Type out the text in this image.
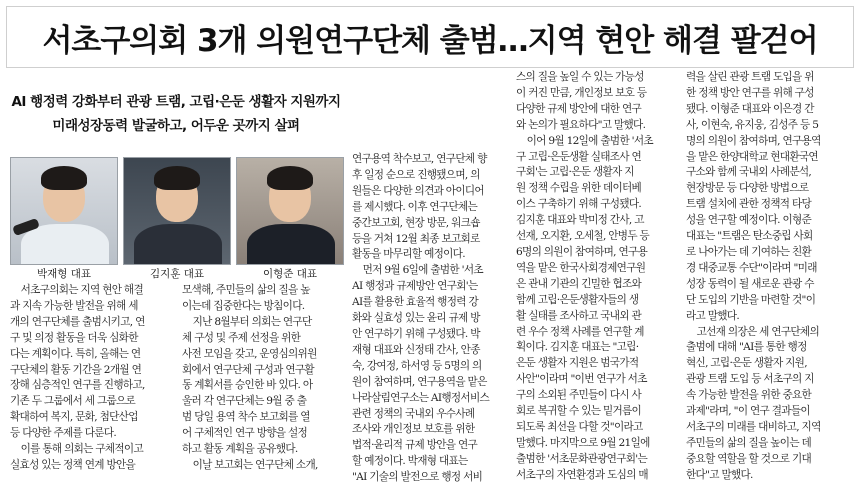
서초구의회 3개 의원연구단체 출범…지역 현안 해결 팔걷어
AI 행정력 강화부터 관광 트램, 고립·은둔 생활자 지원까지
미래성장동력 발굴하고, 어두운 곳까지 살펴
박재형 대표	김지훈 대표	이형준 대표
서초구의회는 지역 현안 해결
과 지속 가능한 발전을 위해 세
개의 연구단체를 출범시키고, 연
구 및 의정 활동을 더욱 심화한
다는 계획이다. 특히, 올해는 연
구단체의 활동 기간을 2개월 연
장해 심층적인 연구를 진행하고,
기존 두 그룹에서 세 그룹으로
확대하여 복지, 문화, 첨단산업
등 다양한 주제를 다룬다.
이를 통해 의회는 구체적이고
실효성 있는 정책 연계 방안을
모색해, 주민들의 삶의 질을 높
이는데 집중한다는 방침이다.
지난 8월부터 의회는 연구단
체 구성 및 주제 선정을 위한
사전 모임을 갖고, 운영심의위원
회에서 연구단체 구성과 연구활
동 계획서를 승인한 바 있다. 아
울러 각 연구단체는 9월 중 출
범 당일 용역 착수 보고회를 열
어 구체적인 연구 방향을 설정
하고 활동 계획을 공유했다.
이날 보고회는 연구단체 소개,
연구용역 착수보고, 연구단체 향
후 일정 순으로 진행됐으며, 의
원들은 다양한 의견과 아이디어
를 제시했다. 이후 연구단체는
중간보고회, 현장 방문, 워크숍
등을 거쳐 12월 최종 보고회로
활동을 마무리할 예정이다.
먼저 9월 6일에 출범한 '서초
AI 행정과 규제방안 연구회'는
AI를 활용한 효율적 행정력 강
화와 실효성 있는 윤리 규제 방
안 연구하기 위해 구성됐다. 박
재형 대표와 신정태 간사, 안종
숙, 강여정, 하서영 등 5명의 의
원이 참여하며, 연구용역을 맡은
나라살림연구소는 AI행정서비스
관련 정책의 국내외 우수사례
조사와 개인정보 보호를 위한
법적·윤리적 규제 방안을 연구
할 예정이다. 박재형 대표는
"AI 기술의 발전으로 행정 서비
스의 질을 높일 수 있는 가능성
이 커진 만큼, 개인정보 보호 등
다양한 규제 방안에 대한 연구
와 논의가 필요하다"고 말했다.
이어 9월 12일에 출범한 '서초
구 고립·은둔생활 실태조사 연
구회'는 고립·은둔 생활자 지
원 정책 수립을 위한 데이터베
이스 구축하기 위해 구성됐다.
김지훈 대표와 박미정 간사, 고
선재, 오지환, 오세철, 안병두 등
6명의 의원이 참여하며, 연구용
역을 맡은 한국사회경제연구원
은 관내 기관의 긴밀한 협조와
함께 고립·은둔생활자들의 생
활 실태를 조사하고 국내외 관
련 우수 정책 사례를 연구할 계
획이다. 김지훈 대표는 "고립·
은둔 생활자 지원은 범국가적
사안"이라며 "이번 연구가 서초
구의 소외된 주민들이 다시 사
회로 복귀할 수 있는 밑거름이
되도록 최선을 다할 것"이라고
말했다. 마지막으로 9월 21일에
출범한 '서초문화관광연구회'는
서초구의 자연환경과 도심의 매
력을 살린 관광 트램 도입을 위
한 정책 방안 연구를 위해 구성
됐다. 이형준 대표와 이은경 간
사, 이현숙, 유지웅, 김성주 등 5
명의 의원이 참여하며, 연구용역
을 맡은 한양대학교 현대환국연
구소와 함께 국내외 사례분석,
현장방문 등 다양한 방법으로
트램 설치에 관한 정책적 타당
성을 연구할 예정이다. 이형준
대표는 "트램은 탄소중립 사회
로 나아가는 데 기여하는 친환
경 대중교통 수단"이라며 "미래
성장 동력이 될 새로운 관광 수
단 도입의 기반을 마련할 것"이
라고 말했다.
고선재 의장은 세 연구단체의
출범에 대해 "AI를 통한 행정
혁신, 고립·은둔 생활자 지원,
관광 트램 도입 등 서초구의 지
속 가능한 발전을 위한 중요한
과제"라며, "이 연구 결과들이
서초구의 미래를 대비하고, 지역
주민들의 삶의 질을 높이는 데
중요할 역할을 할 것으로 기대
한다"고 말했다.
